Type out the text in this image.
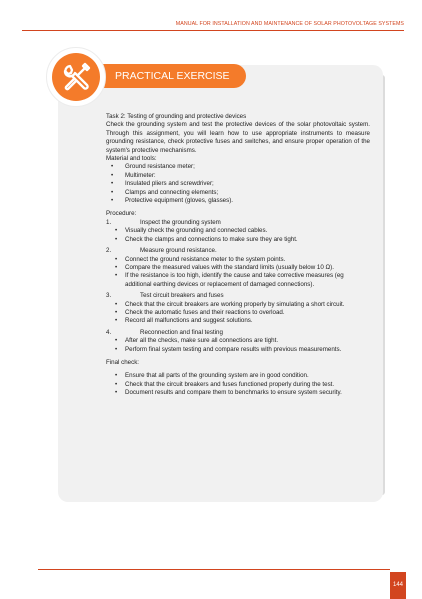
MANUAL FOR INSTALLATION AND MAINTENANCE OF SOLAR PHOTOVOLTAGE SYSTEMS
PRACTICAL EXERCISE

Task 2: Testing of grounding and protective devices

Check the grounding system and test the protective devices of the solar photovoltaic system. Through this assignment, you will learn how to use appropriate instruments to measure grounding resistance, check protective fuses and switches, and ensure proper operation of the system's protective mechanisms.

Material and tools:

• Ground resistance meter;
• Multimeter:
• Insulated pliers and screwdriver;
• Clamps and connecting elements;
• Protective equipment (gloves, glasses).

Procedure:

1.	Inspect the grounding system
• Visually check the grounding and connected cables.
• Check the clamps and connections to make sure they are tight.
2.	Measure ground resistance.
• Connect the ground resistance meter to the system points.
• Compare the measured values with the standard limits (usually below 10 Ω).
• If the resistance is too high, identify the cause and take corrective measures (eg additional earthing devices or replacement of damaged connections).
3.	Test circuit breakers and fuses
• Check that the circuit breakers are working properly by simulating a short circuit.
• Check the automatic fuses and their reactions to overload.
• Record all malfunctions and suggest solutions.
4.	Reconnection and final testing
• After all the checks, make sure all connections are tight.
• Perform final system testing and compare results with previous measurements.

Final check:

• Ensure that all parts of the grounding system are in good condition.
• Check that the circuit breakers and fuses functioned properly during the test.
• Document results and compare them to benchmarks to ensure system security.
144
